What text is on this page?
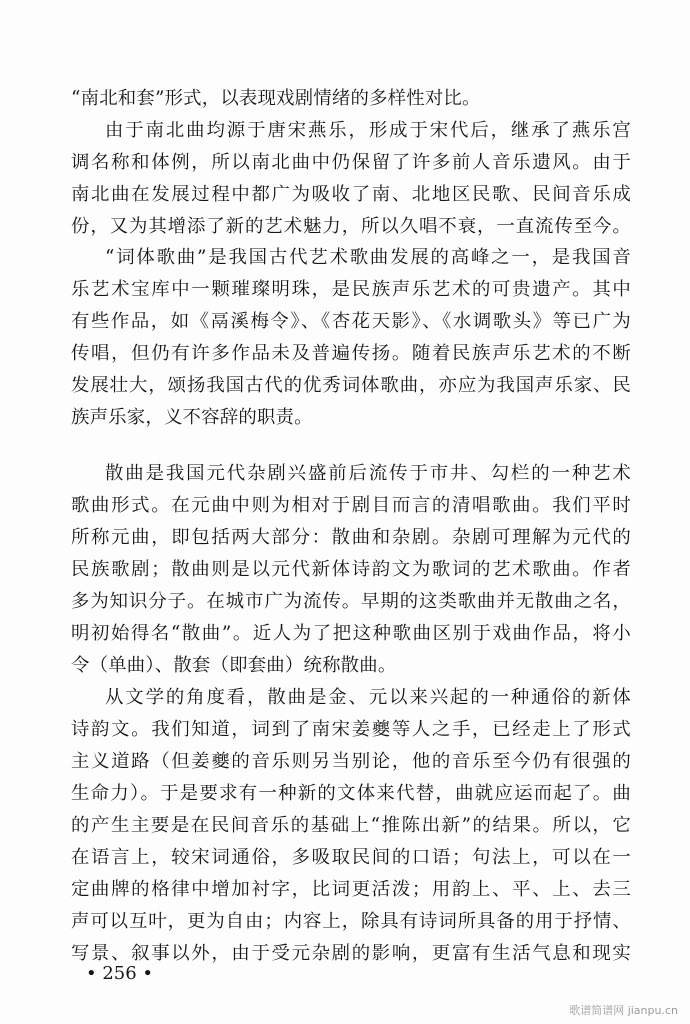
“南北和套”形式，以表现戏剧情绪的多样性对比。
由于南北曲均源于唐宋燕乐，形成于宋代后，继承了燕乐宫
调名称和体例，所以南北曲中仍保留了许多前人音乐遗风。由于
南北曲在发展过程中都广为吸收了南、北地区民歌、民间音乐成
份，又为其增添了新的艺术魅力，所以久唱不衰，一直流传至今。
“词体歌曲”是我国古代艺术歌曲发展的高峰之一，是我国音
乐艺术宝库中一颗璀璨明珠，是民族声乐艺术的可贵遗产。其中
有些作品，如《鬲溪梅令》、《杏花天影》、《水调歌头》等已广为
传唱，但仍有许多作品未及普遍传扬。随着民族声乐艺术的不断
发展壮大，颂扬我国古代的优秀词体歌曲，亦应为我国声乐家、民
族声乐家，义不容辞的职责。
散曲是我国元代杂剧兴盛前后流传于市井、勾栏的一种艺术
歌曲形式。在元曲中则为相对于剧目而言的清唱歌曲。我们平时
所称元曲，即包括两大部分：散曲和杂剧。杂剧可理解为元代的
民族歌剧；散曲则是以元代新体诗韵文为歌词的艺术歌曲。作者
多为知识分子。在城市广为流传。早期的这类歌曲并无散曲之名，
明初始得名“散曲”。近人为了把这种歌曲区别于戏曲作品，将小
令（单曲）、散套（即套曲）统称散曲。
从文学的角度看，散曲是金、元以来兴起的一种通俗的新体
诗韵文。我们知道，词到了南宋姜夔等人之手，已经走上了形式
主义道路（但姜夔的音乐则另当别论，他的音乐至今仍有很强的
生命力）。于是要求有一种新的文体来代替，曲就应运而起了。曲
的产生主要是在民间音乐的基础上“推陈出新”的结果。所以，它
在语言上，较宋词通俗，多吸取民间的口语；句法上，可以在一
定曲牌的格律中增加衬字，比词更活泼；用韵上、平、上、去三
声可以互叶，更为自由；内容上，除具有诗词所具备的用于抒情、
写景、叙事以外，由于受元杂剧的影响，更富有生活气息和现实
• 256 •
歌谱简谱网 jianpu.cn
